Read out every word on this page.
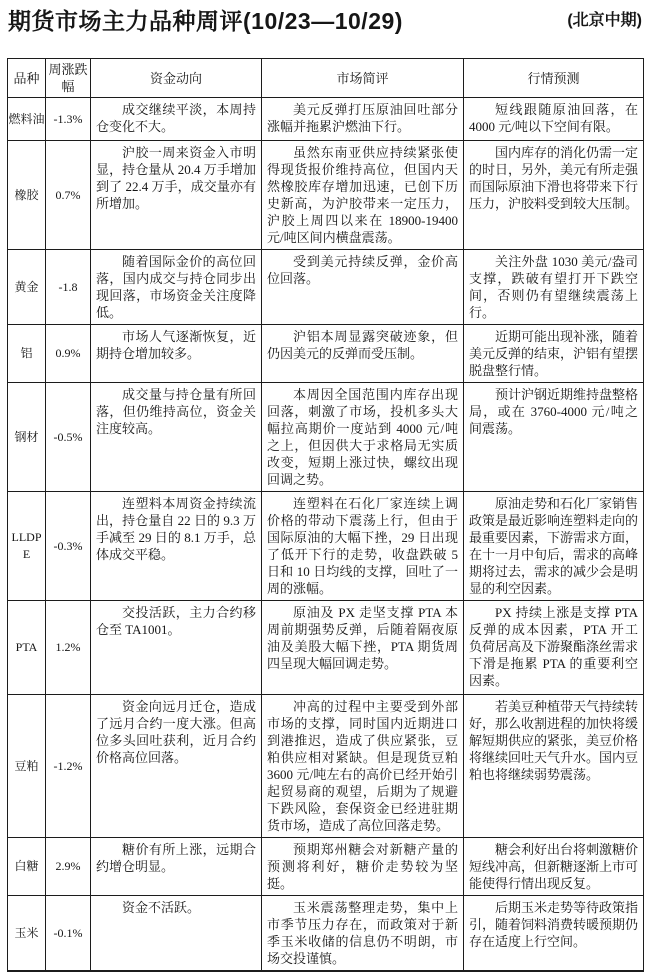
期货市场主力品种周评(10/23—10/29)	(北京中期)
品种	周涨跌幅	资金动向	市场简评	行情预测
燃料油	-1.3%	成交继续平淡，本周持仓变化不大。	美元反弹打压原油回吐部分涨幅并拖累沪燃油下行。	短线跟随原油回落，在 4000 元/吨以下空间有限。

橡胶	0.7%	沪胶一周来资金入市明显，持仓量从 20.4 万手增加到了 22.4 万手，成交量亦有所增加。	虽然东南亚供应持续紧张使得现货报价维持高位，但国内天然橡胶库存增加迅速，已创下历史新高，为沪胶带来一定压力，沪胶上周四以来在 18900-19400 元/吨区间内横盘震荡。	国内库存的消化仍需一定的时日，另外，美元有所走强而国际原油下滑也将带来下行压力，沪胶料受到较大压制。

黄金	-1.8	随着国际金价的高位回落，国内成交与持仓同步出现回落，市场资金关注度降低。	受到美元持续反弹，金价高位回落。	关注外盘 1030 美元/盎司支撑，跌破有望打开下跌空间，否则仍有望继续震荡上行。

铝	0.9%	市场人气逐渐恢复，近期持仓增加较多。	沪铝本周显露突破迹象，但仍因美元的反弹而受压制。	近期可能出现补涨，随着美元反弹的结束，沪铝有望摆脱盘整行情。

钢材	-0.5%	成交量与持仓量有所回落，但仍维持高位，资金关注度较高。	本周因全国范围内库存出现回落，刺激了市场，投机多头大幅拉高期价一度站到 4000 元/吨之上，但因供大于求格局无实质改变，短期上涨过快，螺纹出现回调之势。	预计沪钢近期维持盘整格局，或在 3760-4000 元/吨之间震荡。

LLDPE	-0.3%	连塑料本周资金持续流出，持仓量自 22 日的 9.3 万手减至 29 日的 8.1 万手，总体成交平稳。	连塑料在石化厂家连续上调价格的带动下震荡上行，但由于国际原油的大幅下挫，29 日出现了低开下行的走势，收盘跌破 5 日和 10 日均线的支撑，回吐了一周的涨幅。	原油走势和石化厂家销售政策是最近影响连塑料走向的最重要因素，下游需求方面，在十一月中旬后，需求的高峰期将过去，需求的减少会是明显的利空因素。

PTA	1.2%	交投活跃，主力合约移仓至 TA1001。	原油及 PX 走坚支撑 PTA 本周前期强势反弹，后随着隔夜原油及美股大幅下挫，PTA 期货周四呈现大幅回调走势。	PX 持续上涨是支撑 PTA 反弹的成本因素，PTA 开工负荷居高及下游聚酯涤丝需求下滑是拖累 PTA 的重要利空因素。

豆粕	-1.2%	资金向远月迁仓，造成了远月合约一度大涨。但高位多头回吐获利，近月合约价格高位回落。	冲高的过程中主要受到外部市场的支撑，同时国内近期进口到港推迟，造成了供应紧张，豆粕供应相对紧缺。但是现货豆粕 3600 元/吨左右的高价已经开始引起贸易商的观望，后期为了规避下跌风险，套保资金已经进驻期货市场，造成了高位回落走势。	若美豆种植带天气持续转好，那么收割进程的加快将缓解短期供应的紧张，美豆价格将继续回吐天气升水。国内豆粕也将继续弱势震荡。

白糖	2.9%	糖价有所上涨，远期合约增仓明显。	预期郑州糖会对新糖产量的预测将利好，糖价走势较为坚挺。	糖会利好出台将刺激糖价短线冲高，但新糖逐渐上市可能使得行情出现反复。

玉米	-0.1%	资金不活跃。	玉米震荡整理走势，集中上市季节压力存在，而政策对于新季玉米收储的信息仍不明朗，市场交投谨慎。	后期玉米走势等待政策指引，随着饲料消费转暖预期仍存在适度上行空间。
